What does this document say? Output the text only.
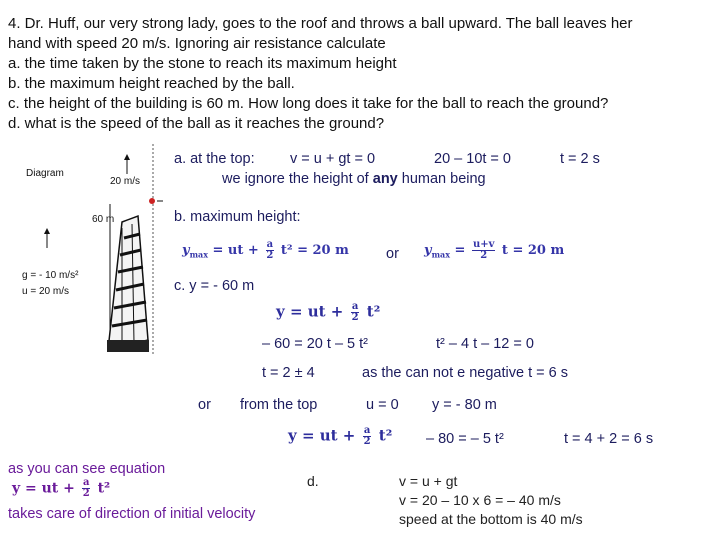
4. Dr. Huff, our very strong lady, goes to the roof and throws a ball upward. The ball leaves her
hand with speed 20 m/s. Ignoring air resistance calculate
a. the time taken by the stone to reach its maximum height
b. the maximum height reached by the ball.
c. the height of the building is 60 m. How long does it take for the ball to reach the ground?
d. what is the speed of the ball as it reaches the ground?
+
Diagram
20 m/s
60 m
g = - 10 m/s²
u = 20 m/s
a. at the top: v = u + gt = 0	20 – 10t = 0	t = 2 s
we ignore the height of any human being
b. maximum height:
$y_{max}$ = ut + $\frac{a}{2} t^2 = 20$ m	or $y_{max} = \frac{u+v}{2}$ t = 20 m
c. y = - 60 m
y = ut + $\frac{a}{2} t^2$
– 60 = 20 t – 5 t²	t² – 4 t – 12 = 0
t = 2 ± 4	as the can not e negative t = 6 s
or from the top	u = 0 y = - 80 m
y = ut + $\frac{a}{2} t^2 - 80$ = – 5 t²	t = 4 + 2 = 6 s
as you can see equation
y = ut + $\frac{a}{2} t^2$
takes care of direction of initial velocity
d.	v = u + gt
v = 20 – 10 x 6 = – 40 m/s
speed at the bottom is 40 m/s
